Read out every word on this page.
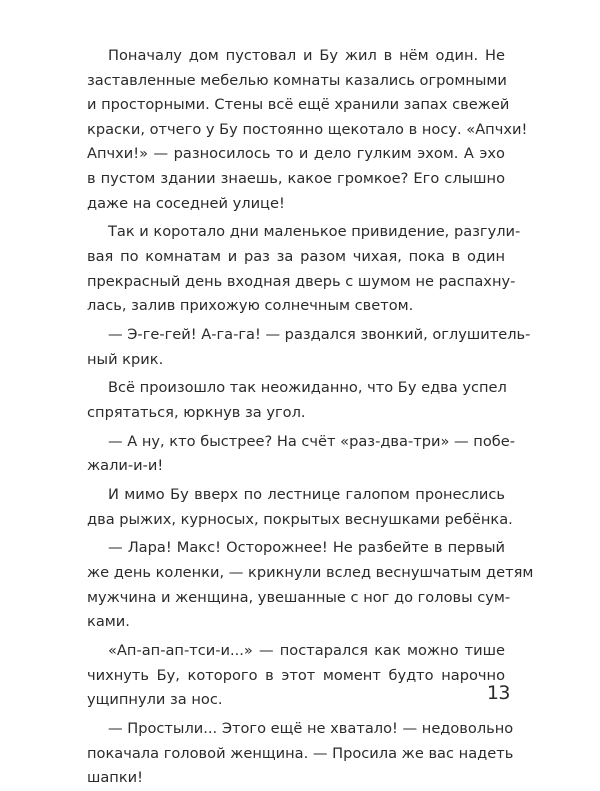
Поначалу дом пустовал и Бу жил в нём один. Не
заставленные мебелью комнаты казались огромными
и просторными. Стены всё ещё хранили запах свежей
краски, отчего у Бу постоянно щекотало в носу. «Апчхи!
Апчхи!» — разносилось то и дело гулким эхом. А эхо
в пустом здании знаешь, какое громкое? Его слышно
даже на соседней улице!
Так и коротало дни маленькое привидение, разгули-
вая по комнатам и раз за разом чихая, пока в один
прекрасный день входная дверь с шумом не распахну-
лась, залив прихожую солнечным светом.
— Э-ге-гей! А-га-га! — раздался звонкий, оглушитель-
ный крик.
Всё произошло так неожиданно, что Бу едва успел
спрятаться, юркнув за угол.
— А ну, кто быстрее? На счёт «раз-два-три» — побе-
жали-и-и!
И мимо Бу вверх по лестнице галопом пронеслись
два рыжих, курносых, покрытых веснушками ребёнка.
— Лара! Макс! Осторожнее! Не разбейте в первый
же день коленки, — крикнули вслед веснушчатым детям
мужчина и женщина, увешанные с ног до головы сум-
ками.
«Ап-ап-ап-тси-и...» — постарался как можно тише
чихнуть Бу, которого в этот момент будто нарочно
ущипнули за нос.
— Простыли... Этого ещё не хватало! — недовольно
покачала головой женщина. — Просила же вас надеть
шапки!
13
